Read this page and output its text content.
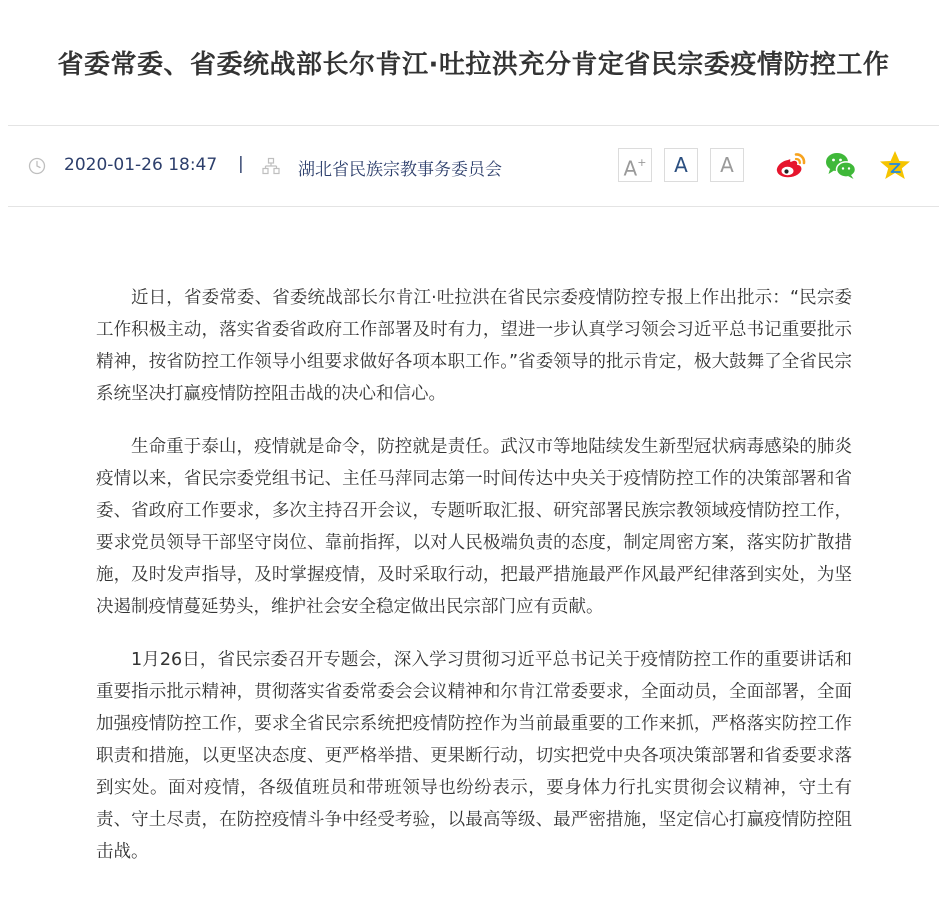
省委常委、省委统战部长尔肯江·吐拉洪充分肯定省民宗委疫情防控工作
2020-01-26 18:47 |	湖北省民族宗教事务委员会	A+	A	A

近日，省委常委、省委统战部长尔肯江·吐拉洪在省民宗委疫情防控专报上作出批示：“民宗委工作积极主动，落实省委省政府工作部署及时有力，望进一步认真学习领会习近平总书记重要批示精神，按省防控工作领导小组要求做好各项本职工作。”省委领导的批示肯定，极大鼓舞了全省民宗系统坚决打赢疫情防控阻击战的决心和信心。

生命重于泰山，疫情就是命令，防控就是责任。武汉市等地陆续发生新型冠状病毒感染的肺炎疫情以来，省民宗委党组书记、主任马萍同志第一时间传达中央关于疫情防控工作的决策部署和省委、省政府工作要求，多次主持召开会议，专题听取汇报、研究部署民族宗教领域疫情防控工作，要求党员领导干部坚守岗位、靠前指挥，以对人民极端负责的态度，制定周密方案，落实防扩散措施，及时发声指导，及时掌握疫情，及时采取行动，把最严措施最严作风最严纪律落到实处，为坚决遏制疫情蔓延势头，维护社会安全稳定做出民宗部门应有贡献。

1月26日，省民宗委召开专题会，深入学习贯彻习近平总书记关于疫情防控工作的重要讲话和重要指示批示精神，贯彻落实省委常委会会议精神和尔肯江常委要求，全面动员，全面部署，全面加强疫情防控工作，要求全省民宗系统把疫情防控作为当前最重要的工作来抓，严格落实防控工作职责和措施，以更坚决态度、更严格举措、更果断行动，切实把党中央各项决策部署和省委要求落到实处。面对疫情，各级值班员和带班领导也纷纷表示，要身体力行扎实贯彻会议精神，守土有责、守土尽责，在防控疫情斗争中经受考验，以最高等级、最严密措施，坚定信心打赢疫情防控阻击战。
